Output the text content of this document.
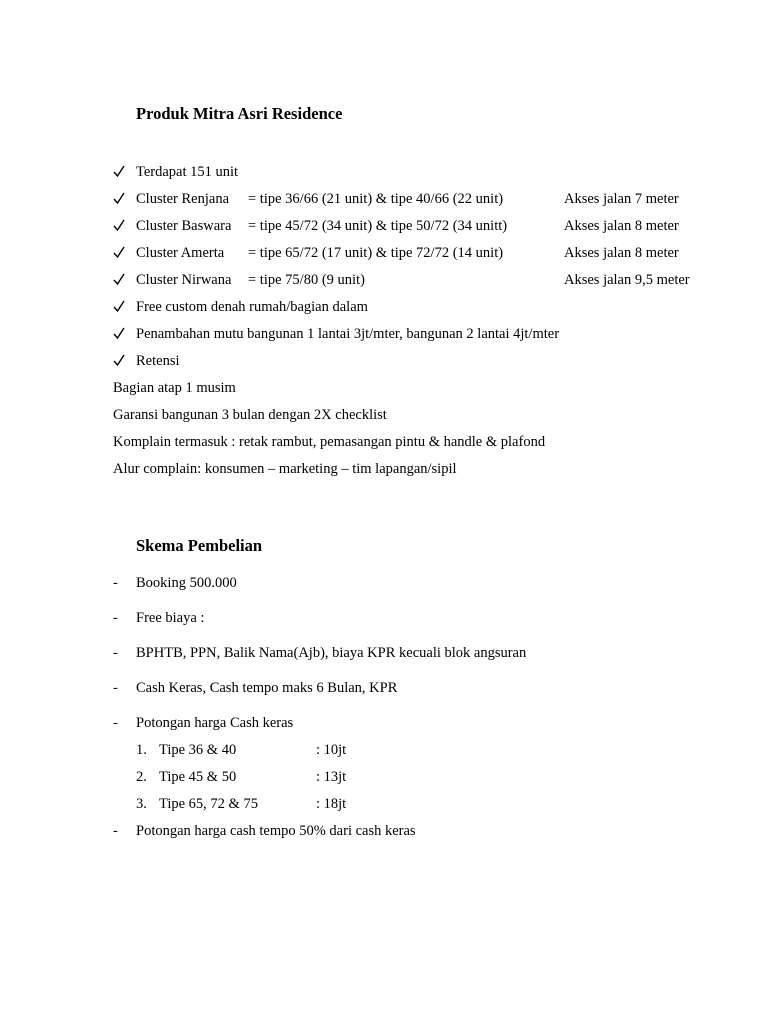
Produk Mitra Asri Residence
Terdapat 151 unit
Cluster Renjana = tipe 36/66 (21 unit) & tipe 40/66 (22 unit)	Akses jalan 7 meter
Cluster Baswara = tipe 45/72 (34 unit) & tipe 50/72 (34 unitt)	Akses jalan 8 meter
Cluster Amerta = tipe 65/72 (17 unit) & tipe 72/72 (14 unit)	Akses jalan 8 meter
Cluster Nirwana = tipe 75/80 (9 unit)	Akses jalan 9,5 meter
Free custom denah rumah/bagian dalam
Penambahan mutu bangunan 1 lantai 3jt/mter, bangunan 2 lantai 4jt/mter
Retensi
Bagian atap 1 musim
Garansi bangunan 3 bulan dengan 2X checklist
Komplain termasuk : retak rambut, pemasangan pintu & handle & plafond
Alur complain: konsumen – marketing – tim lapangan/sipil
Skema Pembelian
- Booking 500.000
- Free biaya :
- BPHTB, PPN, Balik Nama(Ajb), biaya KPR kecuali blok angsuran
- Cash Keras, Cash tempo maks 6 Bulan, KPR
- Potongan harga Cash keras
1. Tipe 36 & 40	: 10jt
2. Tipe 45 & 50	: 13jt
3. Tipe 65, 72 & 75	: 18jt
- Potongan harga cash tempo 50% dari cash keras
